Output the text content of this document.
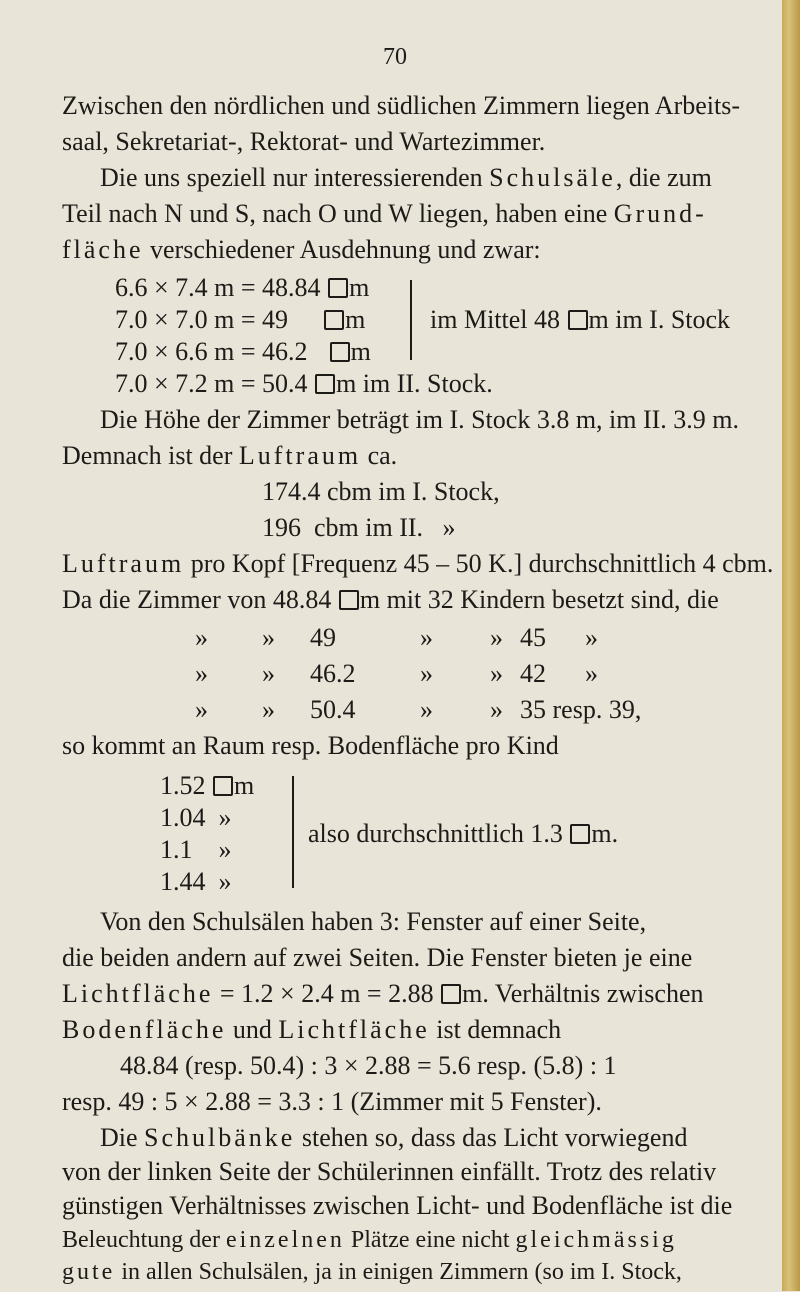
70
Zwischen den nördlichen und südlichen Zimmern liegen Arbeits-
saal, Sekretariat-, Rektorat- und Wartezimmer.
Die uns speziell nur interessierenden Schulsäle, die zum
Teil nach N und S, nach O und W liegen, haben eine Grund-
fläche verschiedener Ausdehnung und zwar:
6.6 × 7.4 m = 48.84 m
7.0 × 7.0 m = 49 m
7.0 × 6.6 m = 46.2 m
im Mittel 48 m im I. Stock
7.0 × 7.2 m = 50.4 m im II. Stock.
Die Höhe der Zimmer beträgt im I. Stock 3.8 m, im II. 3.9 m.
Demnach ist der Luftraum ca.
174.4 cbm im I. Stock,
196  cbm im II.   »
Luftraum pro Kopf [Frequenz 45 – 50 K.] durchschnittlich 4 cbm.
Da die Zimmer von 48.84 m mit 32 Kindern besetzt sind, die
» » 49	» » 45 »
» » 46.2 » » 42 »
» » 50.4 » » 35 resp. 39,
so kommt an Raum resp. Bodenfläche pro Kind
1.52 m
1.04  »
1.1    »
1.44  »
also durchschnittlich 1.3 m.
Von den Schulsälen haben 3: Fenster auf einer Seite,
die beiden andern auf zwei Seiten. Die Fenster bieten je eine
Lichtfläche = 1.2 × 2.4 m = 2.88 m. Verhältnis zwischen
Bodenfläche und Lichtfläche ist demnach
48.84 (resp. 50.4) : 3 × 2.88 = 5.6 resp. (5.8) : 1
resp. 49 : 5 × 2.88 = 3.3 : 1 (Zimmer mit 5 Fenster).
Die Schulbänke stehen so, dass das Licht vorwiegend
von der linken Seite der Schülerinnen einfällt. Trotz des relativ
günstigen Verhältnisses zwischen Licht- und Bodenfläche ist die
Beleuchtung der einzelnen Plätze eine nicht gleichmässig
gute in allen Schulsälen, ja in einigen Zimmern (so im I. Stock,
